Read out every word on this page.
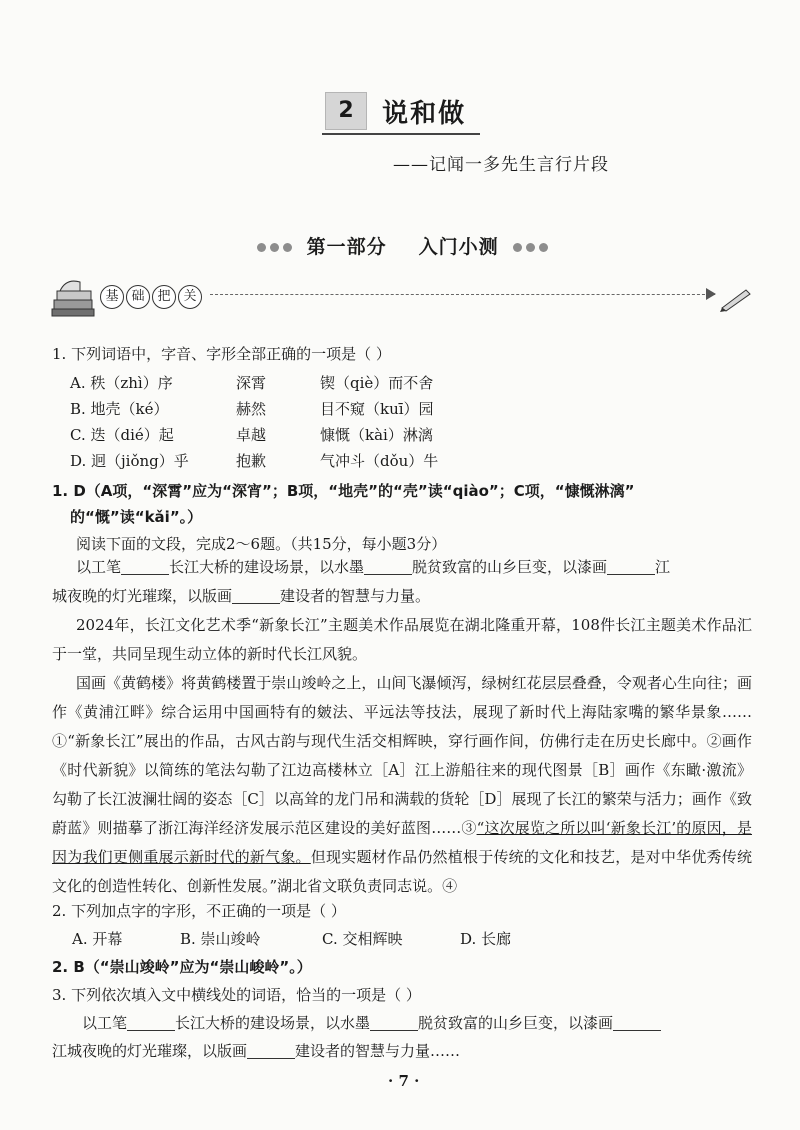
2 说和做
——记闻一多先生言行片段
第一部分 入门小测
基 础 把 关
1. 下列词语中，字音、字形全部正确的一项是（ ）
A. 秩（zhì）序	深霄	锲（qiè）而不舍
B. 地壳（ké）	赫然	目不窥（kuī）园
C. 迭（dié）起	卓越	慷慨（kài）淋漓
D. 迥（jiǒng）乎	抱歉	气冲斗（dǒu）牛
1. D（A项，“深霄”应为“深宵”；B项，“地壳”的“壳”读“qiào”；C项，“慷慨淋漓”
的“慨”读“kǎi”。）
阅读下面的文段，完成2～6题。（共15分，每小题3分）
以工笔	长江大桥的建设场景，以水墨	脱贫致富的山乡巨变，以漆画	江
城夜晚的灯光璀璨，以版画	建设者的智慧与力量。
2024年，长江文化艺术季“新象长江”主题美术作品展览在湖北隆重开幕，108件长江主题美术作品汇于一堂，共同呈现生动立体的新时代长江风貌。
国画《黄鹤楼》将黄鹤楼置于崇山竣岭之上，山间飞瀑倾泻，绿树红花层层叠叠，令观者心生向往；画作《黄浦江畔》综合运用中国画特有的皴法、平远法等技法，展现了新时代上海陆家嘴的繁华景象……①“新象长江”展出的作品，古风古韵与现代生活交相辉映，穿行画作间，仿佛行走在历史长廊中。②画作《时代新貌》以简练的笔法勾勒了江边高楼林立［A］江上游船往来的现代图景［B］画作《东瞰·激流》勾勒了长江波澜壮阔的姿态［C］以高耸的龙门吊和满载的货轮［D］展现了长江的繁荣与活力；画作《致蔚蓝》则描摹了浙江海洋经济发展示范区建设的美好蓝图……③“这次展览之所以叫‘新象长江’的原因，是因为我们更侧重展示新时代的新气象。但现实题材作品仍然植根于传统的文化和技艺，是对中华优秀传统文化的创造性转化、创新性发展。”湖北省文联负责同志说。④
2. 下列加点字的字形，不正确的一项是（ ）
A. 开幕	B. 崇山竣岭	C. 交相辉映	D. 长廊
2. B（“崇山竣岭”应为“崇山峻岭”。）
3. 下列依次填入文中横线处的词语，恰当的一项是（ ）
以工笔	长江大桥的建设场景，以水墨	脱贫致富的山乡巨变，以漆画
江城夜晚的灯光璀璨，以版画	建设者的智慧与力量……
· 7 ·
